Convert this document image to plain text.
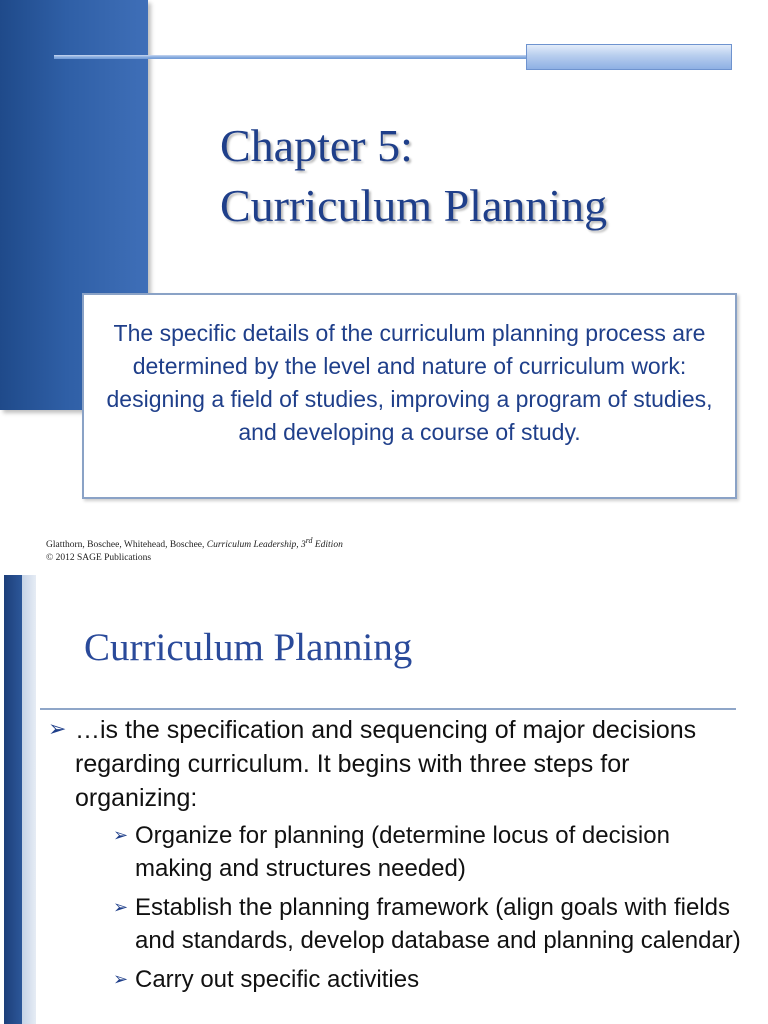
Chapter 5:
Curriculum Planning
The specific details of the curriculum planning process are determined by the level and nature of curriculum work: designing a field of studies, improving a program of studies, and developing a course of study.
Glatthorn, Boschee, Whitehead, Boschee, Curriculum Leadership, 3rd Edition
© 2012 SAGE Publications
Curriculum Planning
➢ …is the specification and sequencing of major decisions regarding curriculum. It begins with three steps for organizing:
➢ Organize for planning (determine locus of decision making and structures needed)
➢ Establish the planning framework (align goals with fields and standards, develop database and planning calendar)
➢ Carry out specific activities
